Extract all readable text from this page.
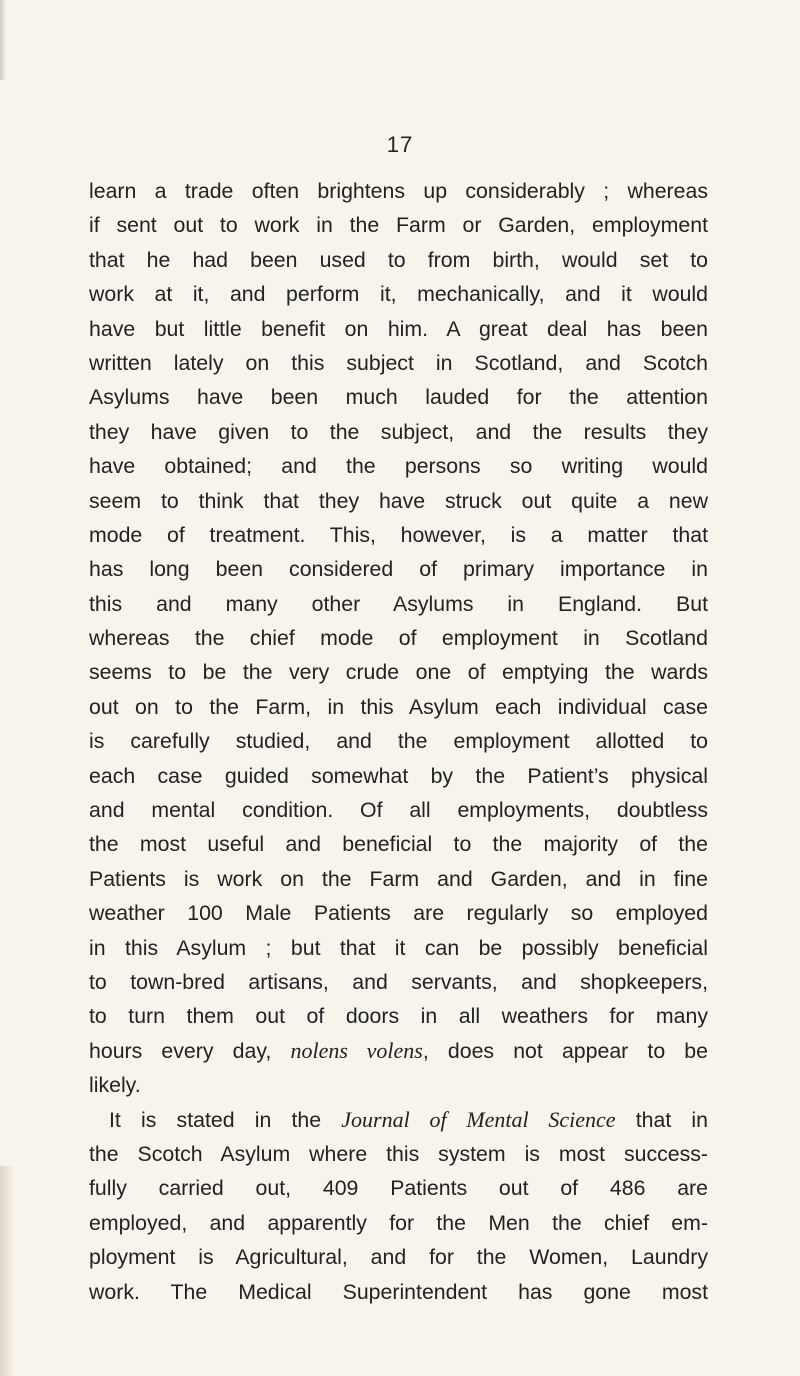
17
learn a trade often brightens up considerably ; whereas
if sent out to work in the Farm or Garden, employment
that he had been used to from birth, would set to
work at it, and perform it, mechanically, and it would
have but little benefit on him. A great deal has been
written lately on this subject in Scotland, and Scotch
Asylums have been much lauded for the attention
they have given to the subject, and the results they
have obtained; and the persons so writing would
seem to think that they have struck out quite a new
mode of treatment. This, however, is a matter that
has long been considered of primary importance in
this and many other Asylums in England. But
whereas the chief mode of employment in Scotland
seems to be the very crude one of emptying the wards
out on to the Farm, in this Asylum each individual case
is carefully studied, and the employment allotted to
each case guided somewhat by the Patient’s physical
and mental condition. Of all employments, doubtless
the most useful and beneficial to the majority of the
Patients is work on the Farm and Garden, and in fine
weather 100 Male Patients are regularly so employed
in this Asylum ; but that it can be possibly beneficial
to town-bred artisans, and servants, and shopkeepers,
to turn them out of doors in all weathers for many
hours every day, nolens volens, does not appear to be
likely.
It is stated in the Journal of Mental Science that in
the Scotch Asylum where this system is most success-
fully carried out, 409 Patients out of 486 are
employed, and apparently for the Men the chief em-
ployment is Agricultural, and for the Women, Laundry
work. The Medical Superintendent has gone most
